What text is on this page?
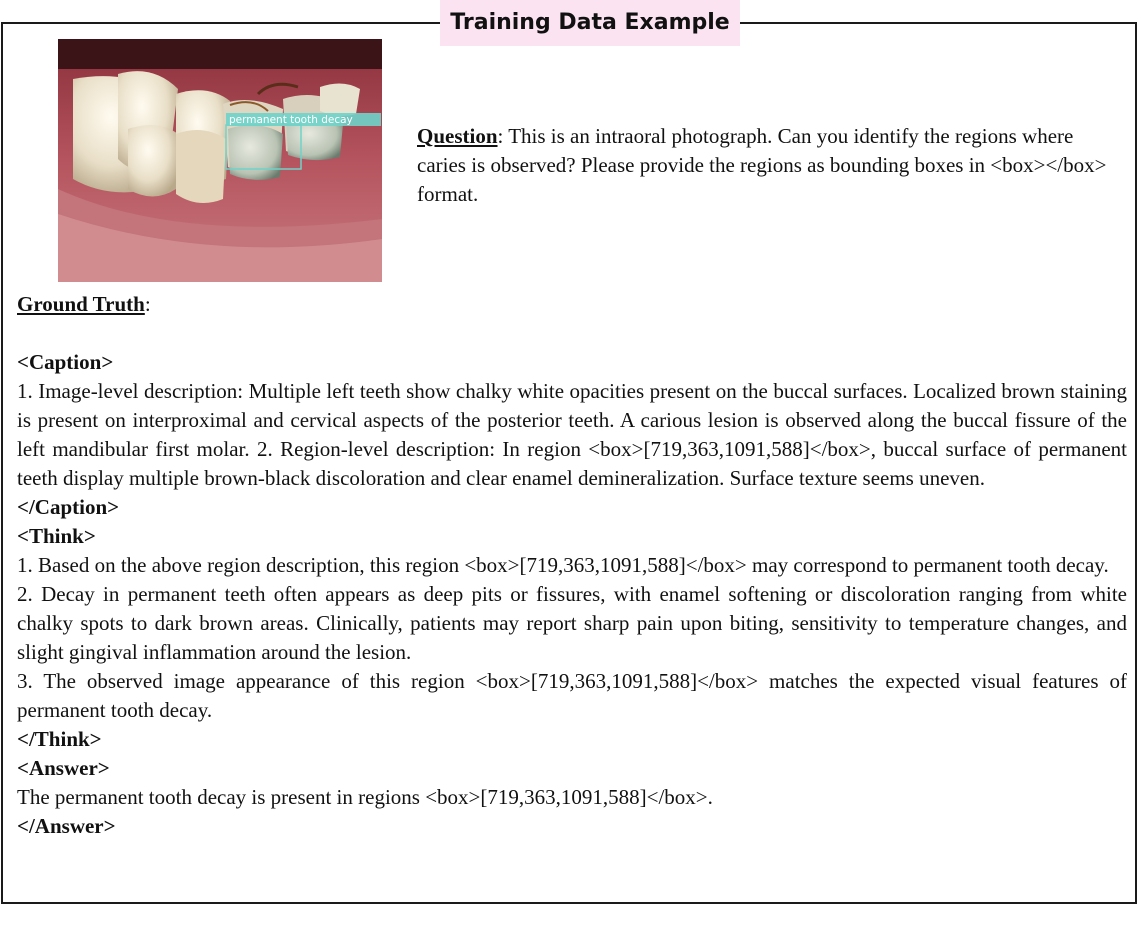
Training Data Example
permanent tooth decay
Question: This is an intraoral photograph. Can you identify the regions where caries is observed? Please provide the regions as bounding boxes in <box></box> format.

Ground Truth:

<Caption>

1. Image-level description: Multiple left teeth show chalky white opacities present on the buccal surfaces. Localized brown staining is present on interproximal and cervical aspects of the posterior teeth. A carious lesion is observed along the buccal fissure of the left mandibular first molar. 2. Region-level description: In region <box>[719,363,1091,588]</box>, buccal surface of permanent teeth display multiple brown-black discoloration and clear enamel demineralization. Surface texture seems uneven.

</Caption>

<Think>

1. Based on the above region description, this region <box>[719,363,1091,588]</box> may correspond to permanent tooth decay.

2. Decay in permanent teeth often appears as deep pits or fissures, with enamel softening or discoloration ranging from white chalky spots to dark brown areas. Clinically, patients may report sharp pain upon biting, sensitivity to temperature changes, and slight gingival inflammation around the lesion.

3. The observed image appearance of this region <box>[719,363,1091,588]</box> matches the expected visual features of permanent tooth decay.

</Think>

<Answer>

The permanent tooth decay is present in regions <box>[719,363,1091,588]</box>.

</Answer>
